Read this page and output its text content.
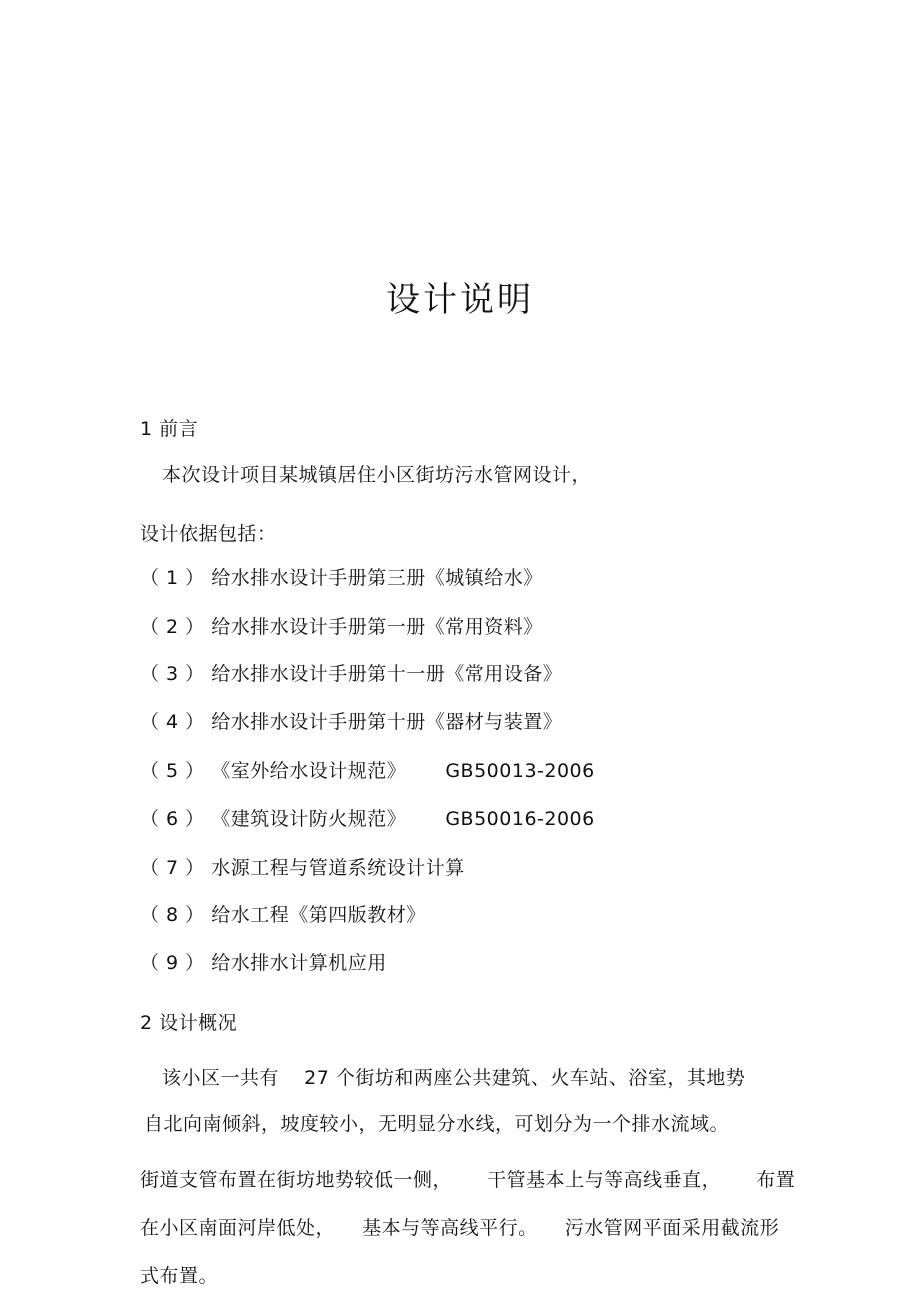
设计说明
1 前言
本次设计项目某城镇居住小区街坊污水管网设计，
设计依据包括：
（ 1 ） 给水排水设计手册第三册《城镇给水》
（ 2 ） 给水排水设计手册第一册《常用资料》
（ 3 ） 给水排水设计手册第十一册《常用设备》
（ 4 ） 给水排水设计手册第十册《器材与装置》
（ 5 ） 《室外给水设计规范》 GB50013-2006
（ 6 ） 《建筑设计防火规范》 GB50016-2006
（ 7 ） 水源工程与管道系统设计计算
（ 8 ） 给水工程《第四版教材》
（ 9 ） 给水排水计算机应用
2 设计概况
该小区一共有 27 个街坊和两座公共建筑、火车站、浴室，其地势
自北向南倾斜，坡度较小，无明显分水线，可划分为一个排水流域。
街道支管布置在街坊地势较低一侧， 干管基本上与等高线垂直， 布置
在小区南面河岸低处， 基本与等高线平行。 污水管网平面采用截流形
式布置。
